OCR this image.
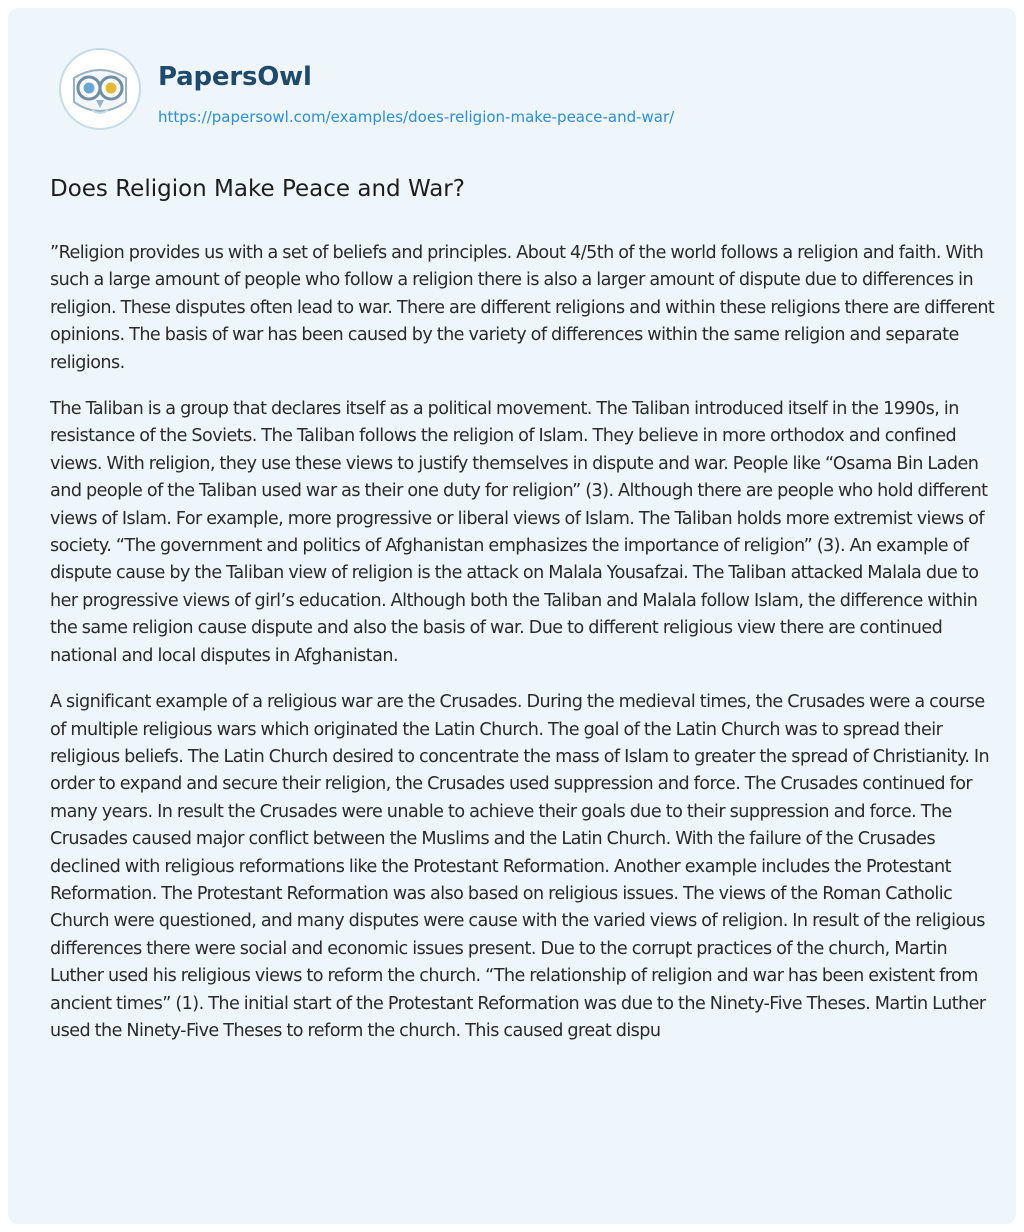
PapersOwl
https://papersowl.com/examples/does-religion-make-peace-and-war/
Does Religion Make Peace and War?

”Religion provides us with a set of beliefs and principles. About 4/5th of the world follows a religion and faith. With such a large amount of people who follow a religion there is also a larger amount of dispute due to differences in religion. These disputes often lead to war. There are different religions and within these religions there are different opinions. The basis of war has been caused by the variety of differences within the same religion and separate religions.

The Taliban is a group that declares itself as a political movement. The Taliban introduced itself in the 1990s, in resistance of the Soviets. The Taliban follows the religion of Islam. They believe in more orthodox and confined views. With religion, they use these views to justify themselves in dispute and war. People like “Osama Bin Laden and people of the Taliban used war as their one duty for religion” (3). Although there are people who hold different views of Islam. For example, more progressive or liberal views of Islam. The Taliban holds more extremist views of society. “The government and politics of Afghanistan emphasizes the importance of religion” (3). An example of dispute cause by the Taliban view of religion is the attack on Malala Yousafzai. The Taliban attacked Malala due to her progressive views of girl’s education. Although both the Taliban and Malala follow Islam, the difference within the same religion cause dispute and also the basis of war. Due to different religious view there are continued national and local disputes in Afghanistan.

A significant example of a religious war are the Crusades. During the medieval times, the Crusades were a course of multiple religious wars which originated the Latin Church. The goal of the Latin Church was to spread their religious beliefs. The Latin Church desired to concentrate the mass of Islam to greater the spread of Christianity. In order to expand and secure their religion, the Crusades used suppression and force. The Crusades continued for many years. In result the Crusades were unable to achieve their goals due to their suppression and force. The Crusades caused major conflict between the Muslims and the Latin Church. With the failure of the Crusades declined with religious reformations like the Protestant Reformation. Another example includes the Protestant Reformation. The Protestant Reformation was also based on religious issues. The views of the Roman Catholic Church were questioned, and many disputes were cause with the varied views of religion. In result of the religious differences there were social and economic issues present. Due to the corrupt practices of the church, Martin Luther used his religious views to reform the church. “The relationship of religion and war has been existent from ancient times” (1). The initial start of the Protestant Reformation was due to the Ninety-Five Theses. Martin Luther used the Ninety-Five Theses to reform the church. This caused great dispu
